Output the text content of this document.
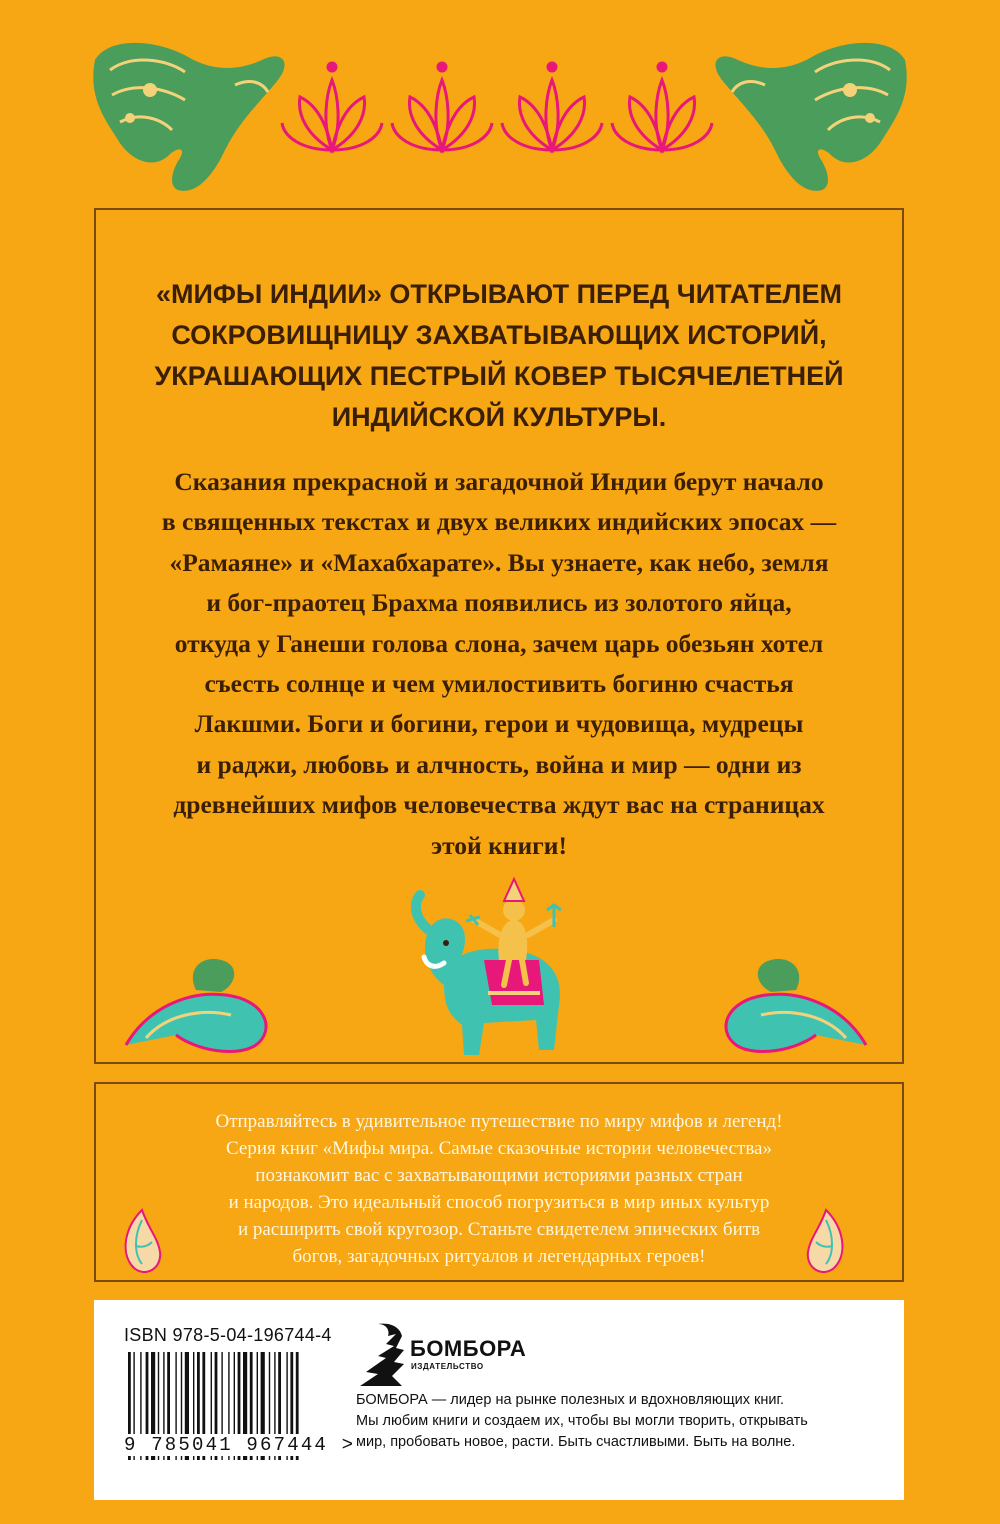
«МИФЫ ИНДИИ» ОТКРЫВАЮТ ПЕРЕД ЧИТАТЕЛЕМ
СОКРОВИЩНИЦУ ЗАХВАТЫВАЮЩИХ ИСТОРИЙ,
УКРАШАЮЩИХ ПЕСТРЫЙ КОВЕР ТЫСЯЧЕЛЕТНЕЙ
ИНДИЙСКОЙ КУЛЬТУРЫ.

Сказания прекрасной и загадочной Индии берут начало
в священных текстах и двух великих индийских эпосах —
«Рамаяне» и «Махабхарате». Вы узнаете, как небо, земля
и бог-праотец Брахма появились из золотого яйца,
откуда у Ганеши голова слона, зачем царь обезьян хотел
съесть солнце и чем умилостивить богиню счастья
Лакшми. Боги и богини, герои и чудовища, мудрецы
и раджи, любовь и алчность, война и мир — одни из
древнейших мифов человечества ждут вас на страницах
этой книги!

Отправляйтесь в удивительное путешествие по миру мифов и легенд!
Серия книг «Мифы мира. Самые сказочные истории человечества»
познакомит вас с захватывающими историями разных стран
и народов. Это идеальный способ погрузиться в мир иных культур
и расширить свой кругозор. Станьте свидетелем эпических битв
богов, загадочных ритуалов и легендарных героев!

ISBN 978-5-04-196744-4
9 785041 967444 >
БОМБОРА
ИЗДАТЕЛЬСТВО

БОМБОРА — лидер на рынке полезных и вдохновляющих книг.
Мы любим книги и создаем их, чтобы вы могли творить, открывать
мир, пробовать новое, расти. Быть счастливыми. Быть на волне.
